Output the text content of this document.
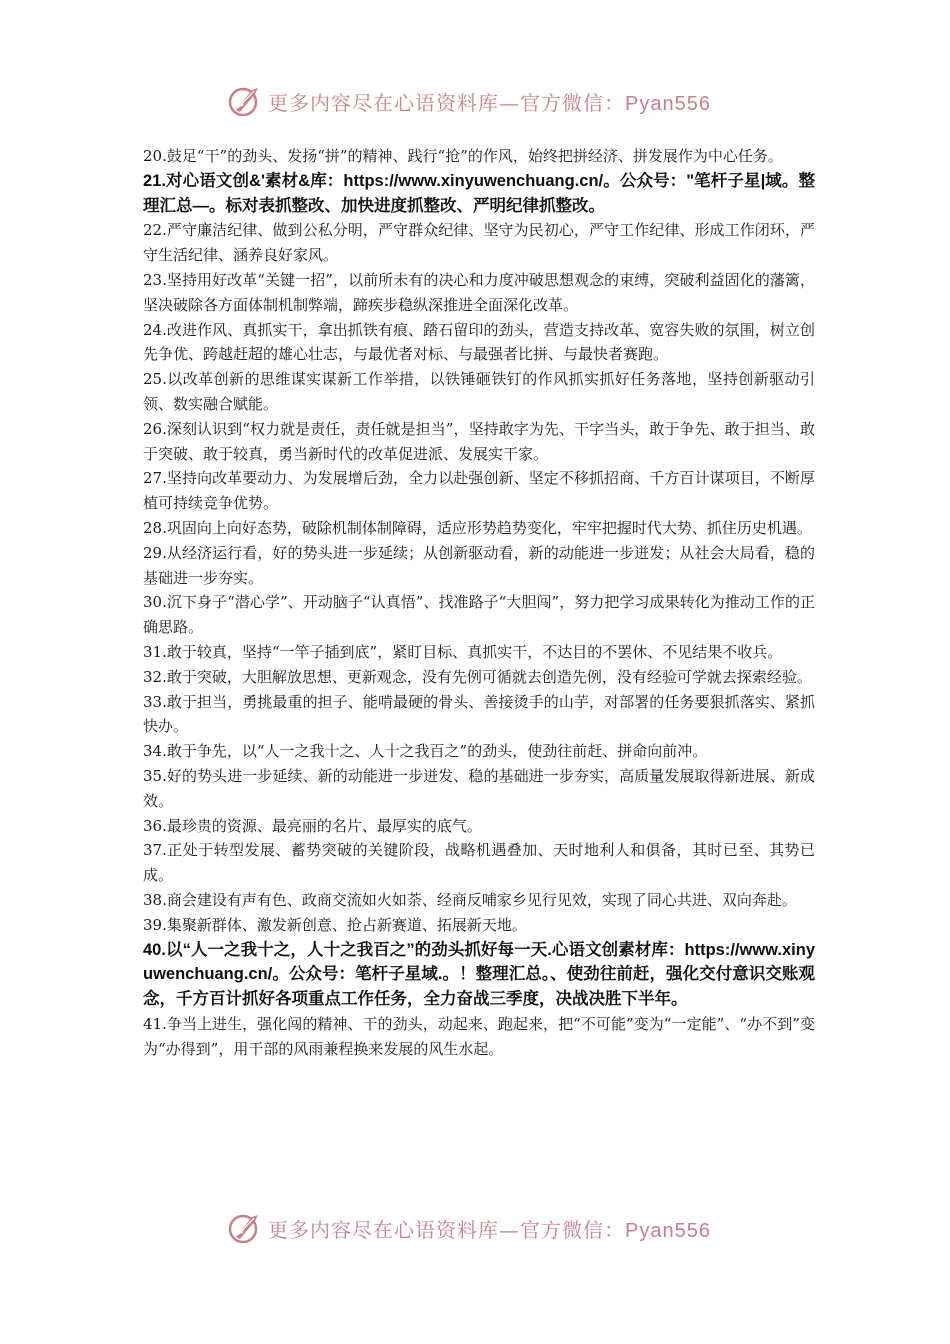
更多内容尽在心语资料库—官方微信：Pyan556

20.鼓足“干”的劲头、发扬“拼”的精神、践行“抢”的作风，始终把拼经济、拼发展作为中心任务。

21.对心语文创&'素材&库：https://www.xinyuwenchuang.cn/。公众号："笔杆子星|域。整理汇总—。标对表抓整改、加快进度抓整改、严明纪律抓整改。

22.严守廉洁纪律、做到公私分明，严守群众纪律、坚守为民初心，严守工作纪律、形成工作闭环，严守生活纪律、涵养良好家风。

23.坚持用好改革“关键一招”，以前所未有的决心和力度冲破思想观念的束缚，突破利益固化的藩篱，坚决破除各方面体制机制弊端，蹄疾步稳纵深推进全面深化改革。

24.改进作风、真抓实干，拿出抓铁有痕、踏石留印的劲头，营造支持改革、宽容失败的氛围，树立创先争优、跨越赶超的雄心壮志，与最优者对标、与最强者比拼、与最快者赛跑。

25.以改革创新的思维谋实谋新工作举措，以铁锤砸铁钉的作风抓实抓好任务落地，坚持创新驱动引领、数实融合赋能。

26.深刻认识到“权力就是责任，责任就是担当”，坚持敢字为先、干字当头，敢于争先、敢于担当、敢于突破、敢于较真，勇当新时代的改革促进派、发展实干家。

27.坚持向改革要动力、为发展增后劲，全力以赴强创新、坚定不移抓招商、千方百计谋项目，不断厚植可持续竞争优势。

28.巩固向上向好态势，破除机制体制障碍，适应形势趋势变化，牢牢把握时代大势、抓住历史机遇。

29.从经济运行看，好的势头进一步延续；从创新驱动看，新的动能进一步迸发；从社会大局看，稳的基础进一步夯实。

30.沉下身子“潜心学”、开动脑子“认真悟”、找准路子“大胆闯”，努力把学习成果转化为推动工作的正确思路。

31.敢于较真，坚持“一竿子插到底”，紧盯目标、真抓实干，不达目的不罢休、不见结果不收兵。

32.敢于突破，大胆解放思想、更新观念，没有先例可循就去创造先例，没有经验可学就去探索经验。

33.敢于担当，勇挑最重的担子、能啃最硬的骨头、善接烫手的山芋，对部署的任务要狠抓落实、紧抓快办。

34.敢于争先，以“人一之我十之、人十之我百之”的劲头，使劲往前赶、拼命向前冲。

35.好的势头进一步延续、新的动能进一步迸发、稳的基础进一步夯实，高质量发展取得新进展、新成效。

36.最珍贵的资源、最亮丽的名片、最厚实的底气。

37.正处于转型发展、蓄势突破的关键阶段，战略机遇叠加、天时地利人和俱备，其时已至、其势已成。

38.商会建设有声有色、政商交流如火如荼、经商反哺家乡见行见效，实现了同心共进、双向奔赴。

39.集聚新群体、激发新创意、抢占新赛道、拓展新天地。

40.以“人一之我十之，人十之我百之”的劲头抓好每一天.心语文创素材库：https://www.xinyuwenchuang.cn/。公众号：笔杆子星域.。！整理汇总。、使劲往前赶，强化交付意识交账观念，千方百计抓好各项重点工作任务，全力奋战三季度，决战决胜下半年。

41.争当上进生，强化闯的精神、干的劲头，动起来、跑起来，把“不可能”变为“一定能”、“办不到”变为“办得到”，用干部的风雨兼程换来发展的风生水起。

更多内容尽在心语资料库—官方微信：Pyan556
